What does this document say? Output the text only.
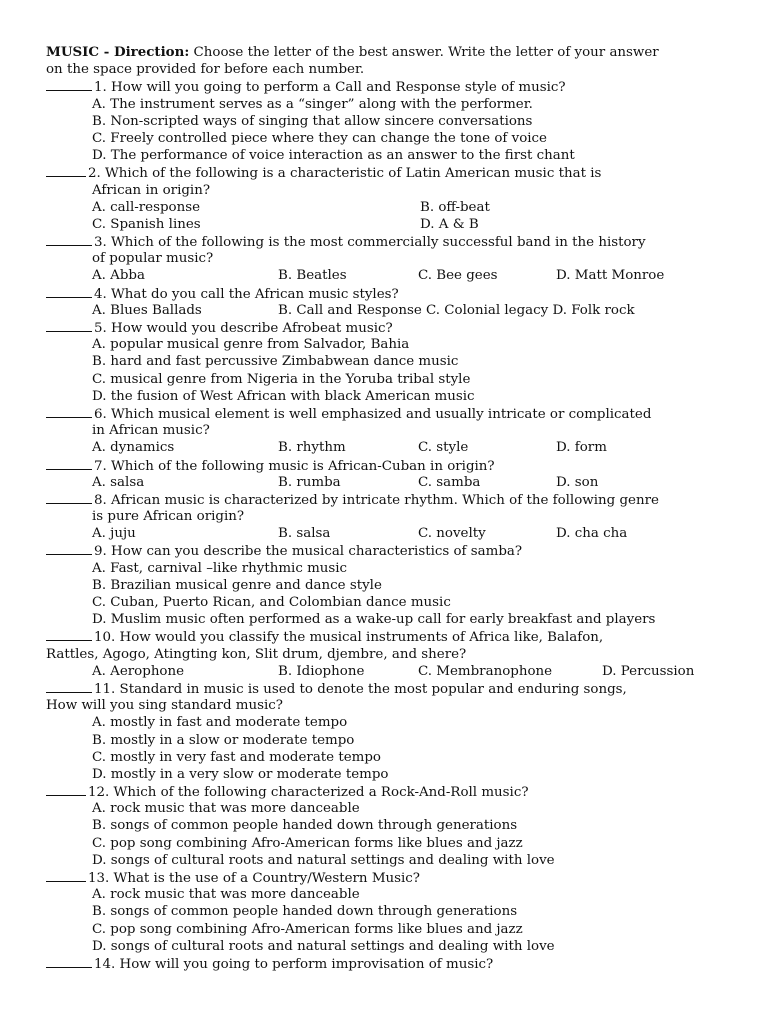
MUSIC - Direction: Choose the letter of the best answer. Write the letter of your answer
on the space provided for before each number.
1. How will you going to perform a Call and Response style of music?
A. The instrument serves as a “singer” along with the performer.
B. Non-scripted ways of singing that allow sincere conversations
C. Freely controlled piece where they can change the tone of voice
D. The performance of voice interaction as an answer to the first chant
2. Which of the following is a characteristic of Latin American music that is
African in origin?
A. call-response	B. off-beat
C. Spanish lines	D. A & B
3. Which of the following is the most commercially successful band in the history
of popular music?
A. Abba	B. Beatles	C. Bee gees	D. Matt Monroe
4. What do you call the African music styles?
A. Blues Ballads	B. Call and Response C. Colonial legacy D. Folk rock
5. How would you describe Afrobeat music?
A. popular musical genre from Salvador, Bahia
B. hard and fast percussive Zimbabwean dance music
C. musical genre from Nigeria in the Yoruba tribal style
D. the fusion of West African with black American music
6. Which musical element is well emphasized and usually intricate or complicated
in African music?
A. dynamics	B. rhythm	C. style	D. form
7. Which of the following music is African-Cuban in origin?
A. salsa	B. rumba	C. samba	D. son
8. African music is characterized by intricate rhythm. Which of the following genre
is pure African origin?
A. juju	B. salsa	C. novelty	D. cha cha
9. How can you describe the musical characteristics of samba?
A. Fast, carnival –like rhythmic music
B. Brazilian musical genre and dance style
C. Cuban, Puerto Rican, and Colombian dance music
D. Muslim music often performed as a wake-up call for early breakfast and players
10. How would you classify the musical instruments of Africa like, Balafon,
Rattles, Agogo, Atingting kon, Slit drum, djembre, and shere?
A. Aerophone	B. Idiophone	C. Membranophone	D. Percussion
11. Standard in music is used to denote the most popular and enduring songs,
How will you sing standard music?
A. mostly in fast and moderate tempo
B. mostly in a slow or moderate tempo
C. mostly in very fast and moderate tempo
D. mostly in a very slow or moderate tempo
12. Which of the following characterized a Rock-And-Roll music?
A. rock music that was more danceable
B. songs of common people handed down through generations
C. pop song combining Afro-American forms like blues and jazz
D. songs of cultural roots and natural settings and dealing with love
13. What is the use of a Country/Western Music?
A. rock music that was more danceable
B. songs of common people handed down through generations
C. pop song combining Afro-American forms like blues and jazz
D. songs of cultural roots and natural settings and dealing with love
14. How will you going to perform improvisation of music?
